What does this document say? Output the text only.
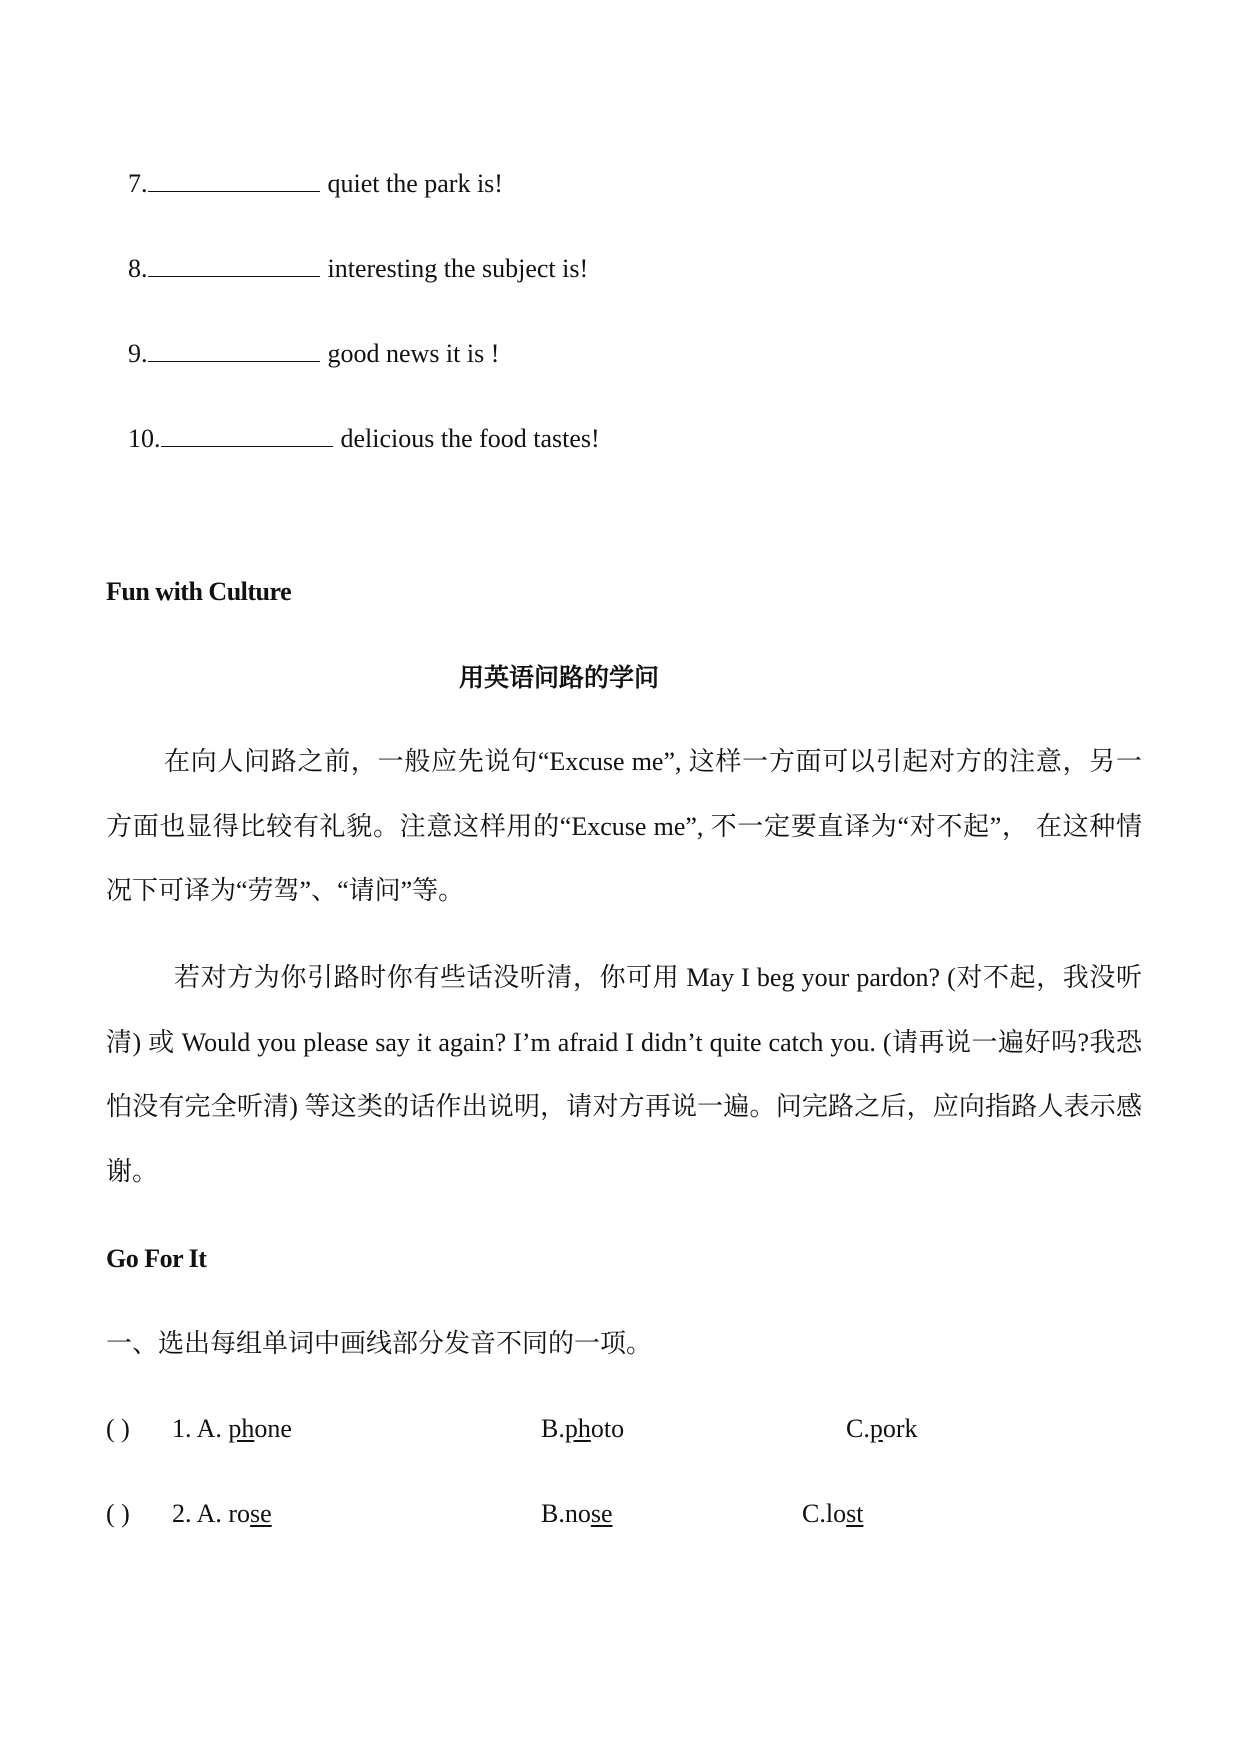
7.	quiet the park is!
8.	interesting the subject is!
9.	good news it is !
10.	delicious the food tastes!
Fun with Culture
用英语问路的学问

在向人问路之前，一般应先说句“Excuse me”, 这样一方面可以引起对方的注意，另一方面也显得比较有礼貌。注意这样用的“Excuse me”, 不一定要直译为“对不起”， 在这种情况下可译为“劳驾”、“请问”等。

若对方为你引路时你有些话没听清，你可用 May I beg your pardon? (对不起，我没听清) 或 Would you please say it again? I’m afraid I didn’t quite catch you. (请再说一遍好吗?我恐怕没有完全听清) 等这类的话作出说明，请对方再说一遍。问完路之后，应向指路人表示感谢。

Go For It
一、选出每组单词中画线部分发音不同的一项。
( ) 1. A. phone	B.photo	C.pork
( ) 2. A. rose	B.nose	C.lost
